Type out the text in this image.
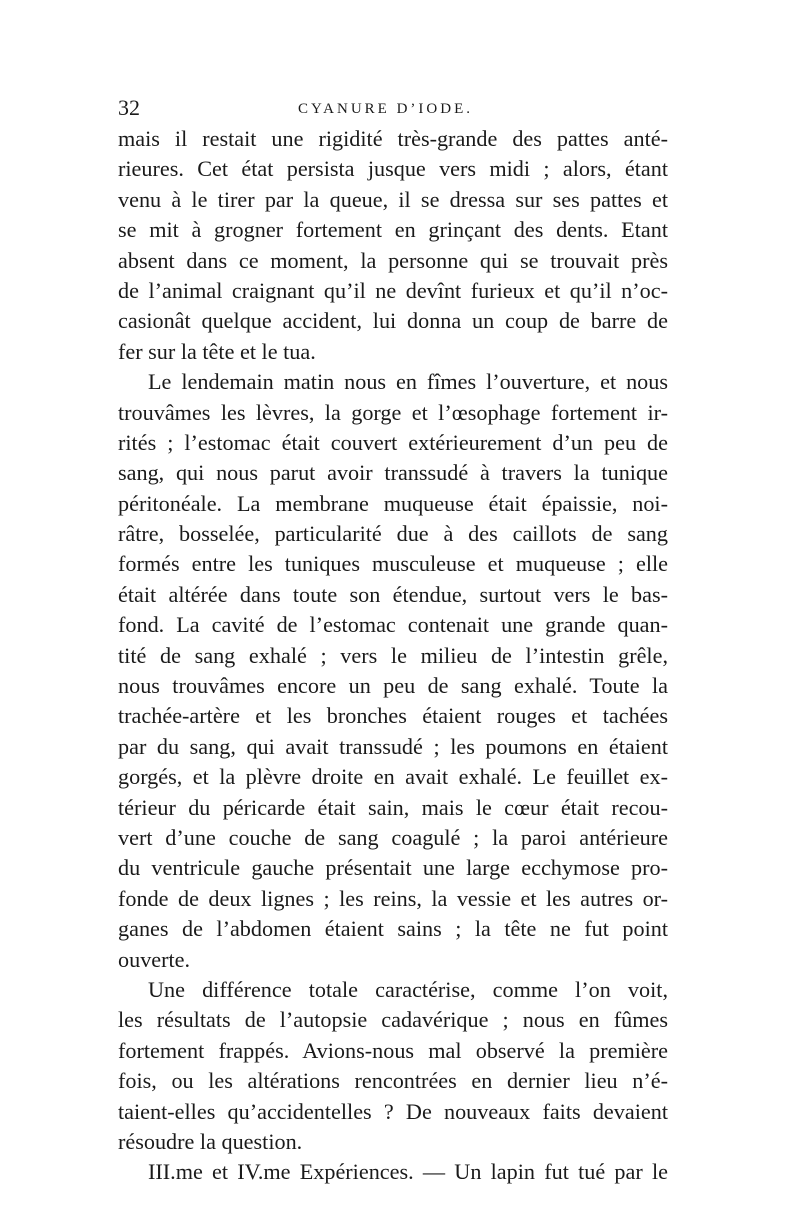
32	CYANURE D’IODE.
mais il restait une rigidité très-grande des pattes anté-
rieures. Cet état persista jusque vers midi ; alors, étant
venu à le tirer par la queue, il se dressa sur ses pattes et
se mit à grogner fortement en grinçant des dents. Etant
absent dans ce moment, la personne qui se trouvait près
de l’animal craignant qu’il ne devînt furieux et qu’il n’oc-
casionât quelque accident, lui donna un coup de barre de
fer sur la tête et le tua.
Le lendemain matin nous en fîmes l’ouverture, et nous
trouvâmes les lèvres, la gorge et l’œsophage fortement ir-
rités ; l’estomac était couvert extérieurement d’un peu de
sang, qui nous parut avoir transsudé à travers la tunique
péritonéale. La membrane muqueuse était épaissie, noi-
râtre, bosselée, particularité due à des caillots de sang
formés entre les tuniques musculeuse et muqueuse ; elle
était altérée dans toute son étendue, surtout vers le bas-
fond. La cavité de l’estomac contenait une grande quan-
tité de sang exhalé ; vers le milieu de l’intestin grêle,
nous trouvâmes encore un peu de sang exhalé. Toute la
trachée-artère et les bronches étaient rouges et tachées
par du sang, qui avait transsudé ; les poumons en étaient
gorgés, et la plèvre droite en avait exhalé. Le feuillet ex-
térieur du péricarde était sain, mais le cœur était recou-
vert d’une couche de sang coagulé ; la paroi antérieure
du ventricule gauche présentait une large ecchymose pro-
fonde de deux lignes ; les reins, la vessie et les autres or-
ganes de l’abdomen étaient sains ; la tête ne fut point
ouverte.
Une différence totale caractérise, comme l’on voit,
les résultats de l’autopsie cadavérique ; nous en fûmes
fortement frappés. Avions-nous mal observé la première
fois, ou les altérations rencontrées en dernier lieu n’é-
taient-elles qu’accidentelles ? De nouveaux faits devaient
résoudre la question.
III.me et IV.me Expériences. — Un lapin fut tué par le
